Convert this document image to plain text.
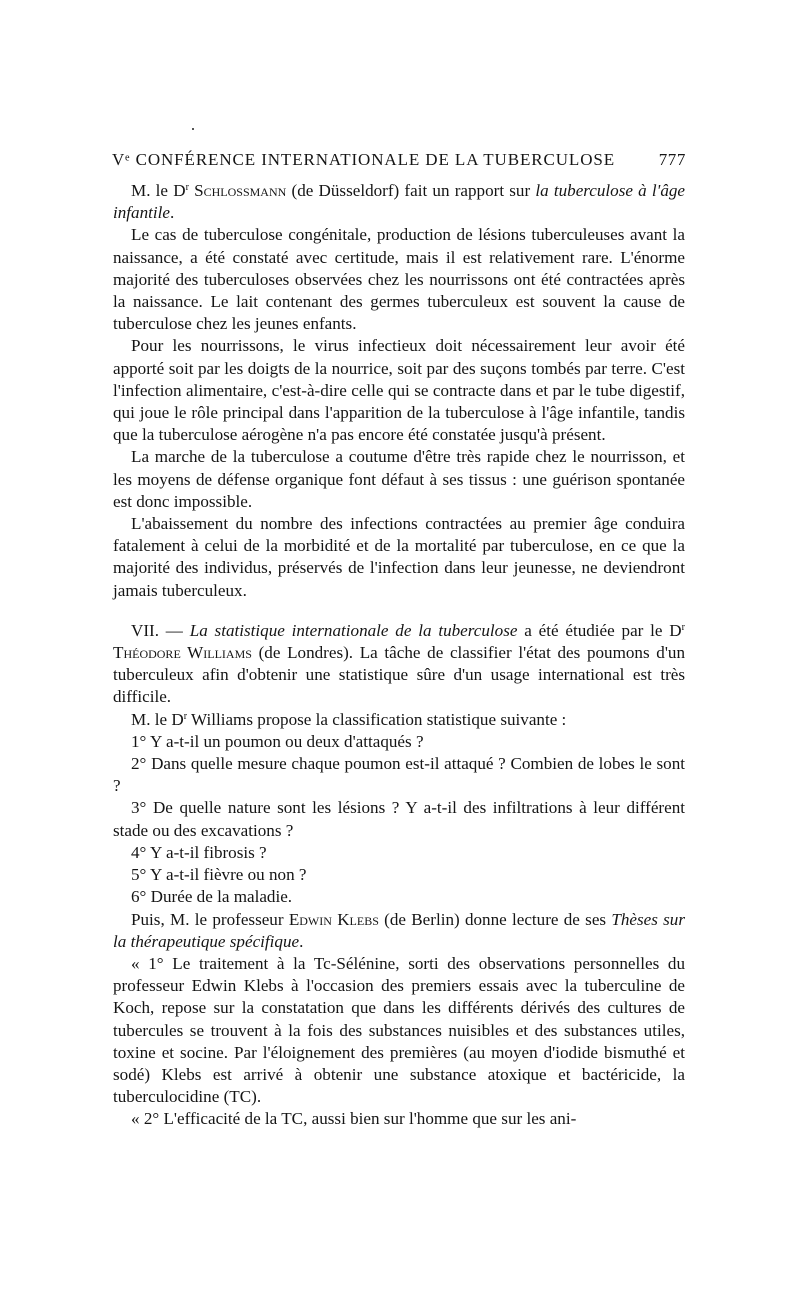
Vᵉ CONFÉRENCE INTERNATIONALE DE LA TUBERCULOSE	777

M. le $D^r$ Schlossmann (de Düsseldorf) fait un rapport sur la tuberculose à l'âge infantile.

Le cas de tuberculose congénitale, production de lésions tuberculeuses avant la naissance, a été constaté avec certitude, mais il est relativement rare. L'énorme majorité des tuberculoses observées chez les nourrissons ont été contractées après la naissance. Le lait contenant des germes tuberculeux est souvent la cause de tuberculose chez les jeunes enfants.

Pour les nourrissons, le virus infectieux doit nécessairement leur avoir été apporté soit par les doigts de la nourrice, soit par des suçons tombés par terre. C'est l'infection alimentaire, c'est-à-dire celle qui se contracte dans et par le tube digestif, qui joue le rôle principal dans l'apparition de la tuberculose à l'âge infantile, tandis que la tuberculose aérogène n'a pas encore été constatée jusqu'à présent.

La marche de la tuberculose a coutume d'être très rapide chez le nourrisson, et les moyens de défense organique font défaut à ses tissus : une guérison spontanée est donc impossible.

L'abaissement du nombre des infections contractées au premier âge conduira fatalement à celui de la morbidité et de la mortalité par tuberculose, en ce que la majorité des individus, préservés de l'infection dans leur jeunesse, ne deviendront jamais tuberculeux.

VII. — La statistique internationale de la tuberculose a été étudiée par le $D^r$ Théodore Williams (de Londres). La tâche de classifier l'état des poumons d'un tuberculeux afin d'obtenir une statistique sûre d'un usage international est très difficile.

M. le $D^r$ Williams propose la classification statistique suivante :

1° Y a-t-il un poumon ou deux d'attaqués ?

2° Dans quelle mesure chaque poumon est-il attaqué ? Combien de lobes le sont ?

3° De quelle nature sont les lésions ? Y a-t-il des infiltrations à leur différent stade ou des excavations ?

4° Y a-t-il fibrosis ?

5° Y a-t-il fièvre ou non ?

6° Durée de la maladie.

Puis, M. le professeur Edwin Klebs (de Berlin) donne lecture de ses Thèses sur la thérapeutique spécifique.

« 1° Le traitement à la Tc-Sélénine, sorti des observations personnelles du professeur Edwin Klebs à l'occasion des premiers essais avec la tuberculine de Koch, repose sur la constatation que dans les différents dérivés des cultures de tubercules se trouvent à la fois des substances nuisibles et des substances utiles, toxine et socine. Par l'éloignement des premières (au moyen d'iodide bismuthé et sodé) Klebs est arrivé à obtenir une substance atoxique et bactéricide, la tuberculocidine (TC).

« 2° L'efficacité de la TC, aussi bien sur l'homme que sur les ani-
